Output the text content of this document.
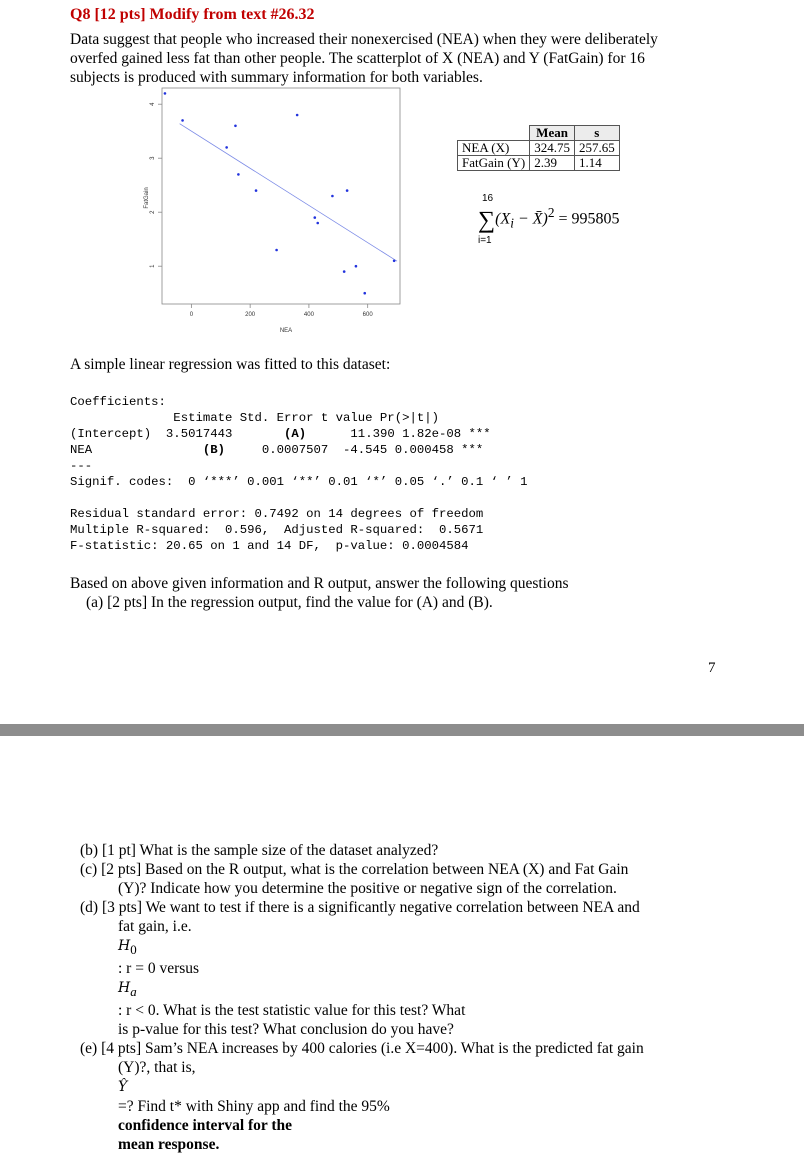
Q8 [12 pts] Modify from text #26.32
Data suggest that people who increased their nonexercised (NEA) when they were deliberately
overfed gained less fat than other people. The scatterplot of X (NEA) and Y (FatGain) for 16
subjects is produced with summary information for both variables.
1
2
3
4
0	200	400	600
NEA
FatGain
	Mean	s
NEA (X)	324.75	257.65
FatGain (Y)	2.39	1.14
16
$\sum(X_i$ − X̄)$^2$ = 995805
i=1
A simple linear regression was fitted to this dataset:
Coefficients:
Estimate Std. Error t value Pr(>|t|)
(Intercept)  3.5017443       (A)      11.390 1.82e-08 ***
NEA               (B)     0.0007507  -4.545 0.000458 ***
---
Signif. codes:  0 ‘***’ 0.001 ‘**’ 0.01 ‘*’ 0.05 ‘.’ 0.1 ‘ ’ 1

Residual standard error: 0.7492 on 14 degrees of freedom
Multiple R-squared:  0.596,  Adjusted R-squared:  0.5671
F-statistic: 20.65 on 1 and 14 DF,  p-value: 0.0004584
Based on above given information and R output, answer the following questions
(a) [2 pts] In the regression output, find the value for (A) and (B).
7
(b) [1 pt] What is the sample size of the dataset analyzed?
(c) [2 pts] Based on the R output, what is the correlation between NEA (X) and Fat Gain
(Y)? Indicate how you determine the positive or negative sign of the correlation.
(d) [3 pts] We want to test if there is a significantly negative correlation between NEA and
fat gain, i.e.
$H_0$
: r = 0 versus
$H_a$
: r < 0. What is the test statistic value for this test? What
is p-value for this test? What conclusion do you have?
(e) [4 pts] Sam’s NEA increases by 400 calories (i.e X=400). What is the predicted fat gain
(Y)?, that is,
Ŷ
=? Find t* with Shiny app and find the 95%
confidence interval for the
mean response.
